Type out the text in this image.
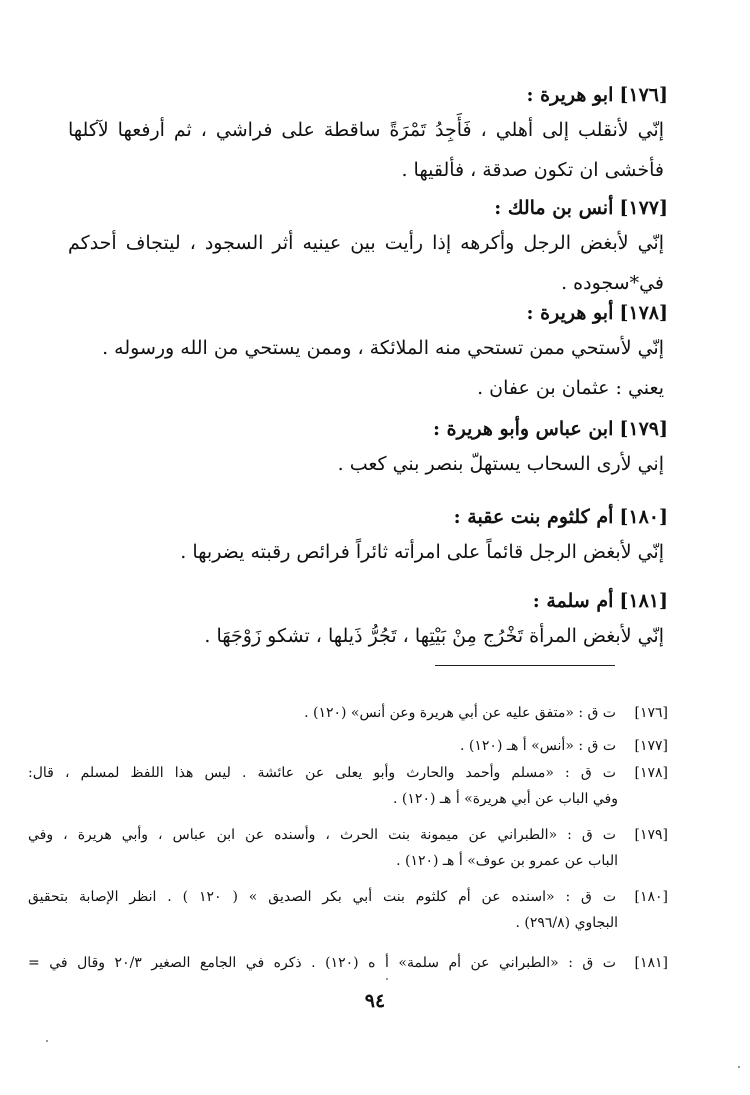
[١٧٦]ابو هريرة :
إنّي لأنقلب إلى أهلي ، فَأَجِدُ تَمْرَةً ساقطة على فراشي ، ثم أرفعها لآكلها
فأخشى ان تكون صدقة ، فألقيها .
[١٧٧]أنس بن مالك :
إنّي لأبغض الرجل وأكرهه إذا رأيت بين عينيه أثر السجود ، ليتجاف أحدكم
في*سجوده .
[١٧٨]أبو هريرة :
إنّي لأستحي ممن تستحي منه الملائكة ، وممن يستحي من الله ورسوله .
يعني : عثمان بن عفان .
[١٧٩]ابن عباس وأبو هريرة :
إني لأرى السحاب يستهلّ بنصر بني كعب .
[١٨٠]أم كلثوم بنت عقبة :
إنّي لأبغض الرجل قائماً على امرأته ثائراً فرائص رقبته يضربها .
[١٨١]أم سلمة :
إنّي لأبغض المرأة تَخْرُج مِنْ بَيْتِها ، تَجُرُّ ذَيلها ، تشكو زَوْجَهَا .
[١٧٦]ت ق : «متفق عليه عن أبي هريرة وعن أنس» (١٢٠) .
[١٧٧]ت ق : «أنس» أ هـ (١٢٠) .
[١٧٨]ت ق : «مسلم وأحمد والحارث وأبو يعلى عن عائشة . ليس هذا اللفظ لمسلم ، قال:
وفي الباب عن أبي هريرة» أ هـ (١٢٠) .
[١٧٩]ت ق : «الطبراني عن ميمونة بنت الحرث ، وأسنده عن ابن عباس ، وأبي هريرة ، وفي
الباب عن عمرو بن عوف» أ هـ (١٢٠) .
[١٨٠]ت ق : «اسنده عن أم كلثوم بنت أبي بكر الصديق » ( ١٢٠ ) . انظر الإصابة بتحقيق
البجاوي (٢٩٦/٨) .
[١٨١]ت ق : «الطبراني عن أم سلمة» أ ه (١٢٠) . ذكره في الجامع الصغير ٢٠/٣ وقال في =
٩٤
